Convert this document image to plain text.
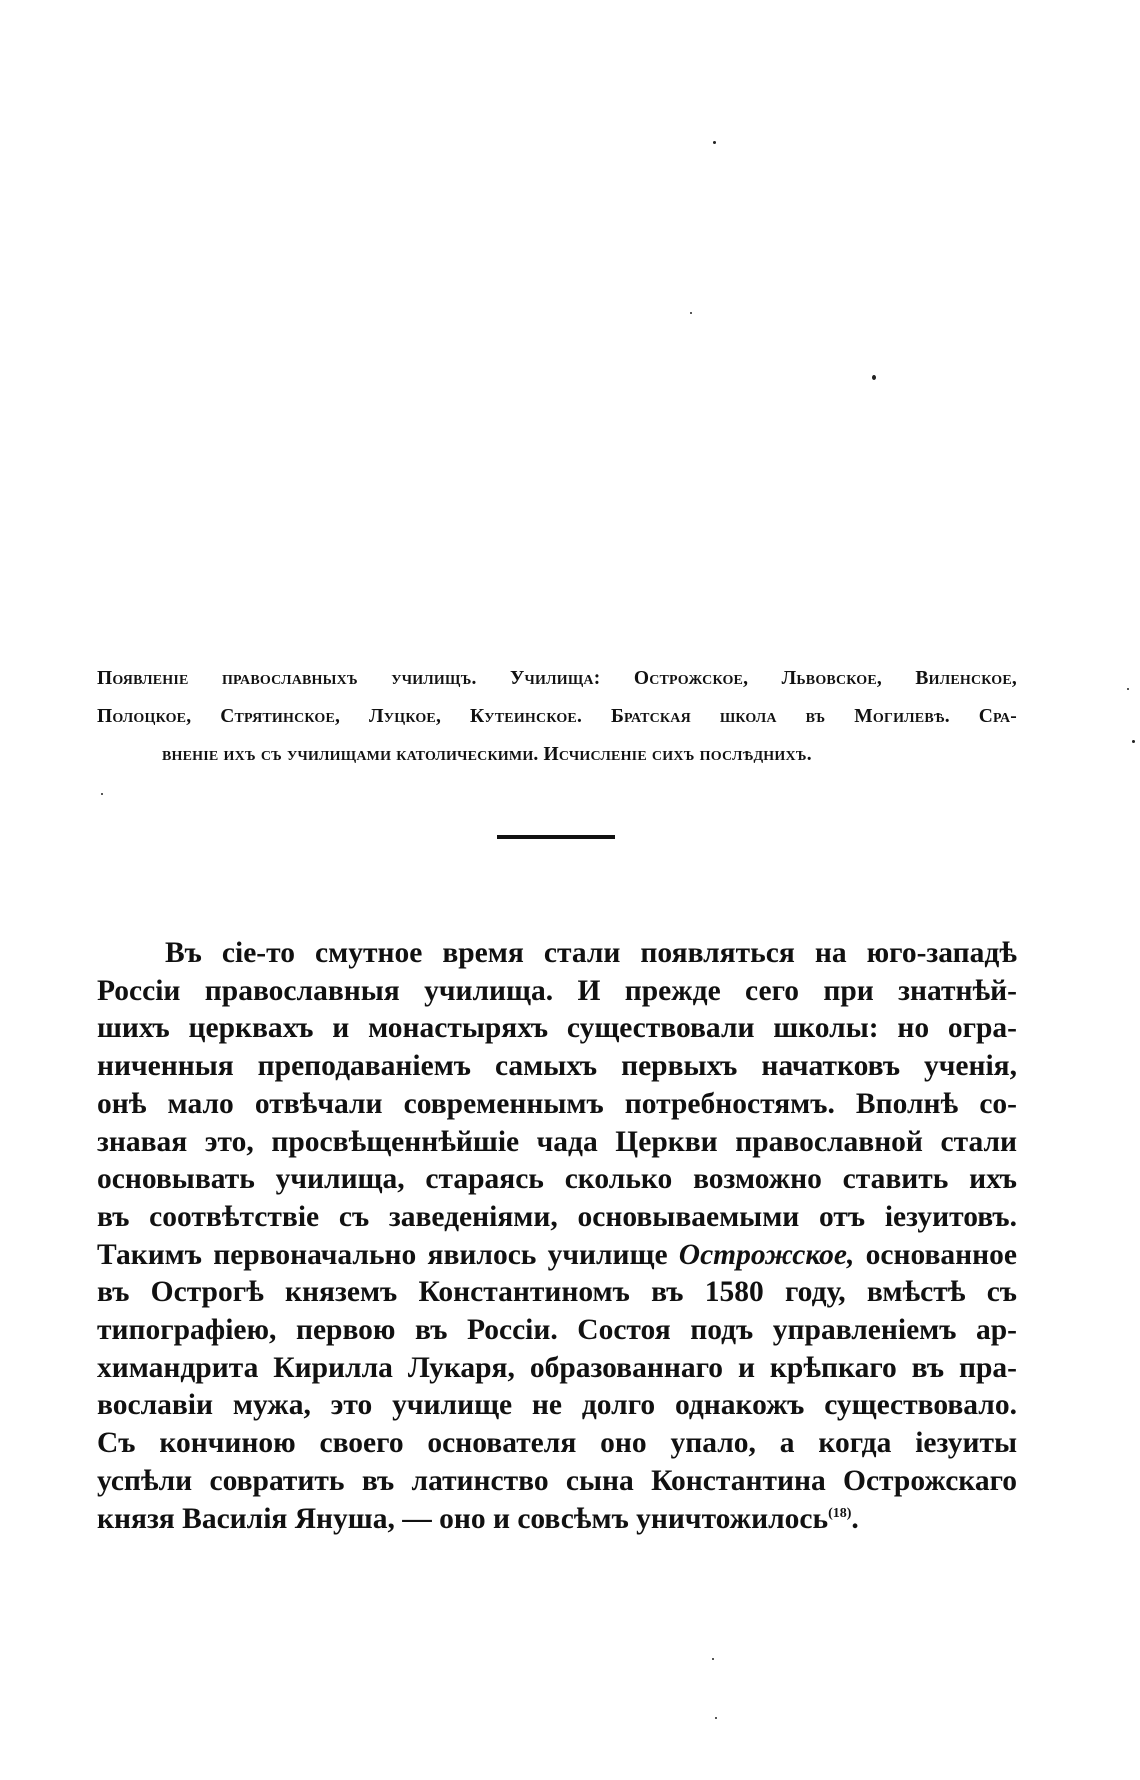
Появленіе православныхъ училищъ. Училища: Острожское, Львовское, Виленское,
Полоцкое, Стрятинское, Луцкое, Кутеинское. Братская школа въ Могилевѣ. Сра-
вненіе ихъ съ училищами католическими. Исчисленіе сихъ послѣднихъ.
Въ сіе-то смутное время стали появляться на юго-западѣ
Россіи православныя училища. И прежде сего при знатнѣй-
шихъ церквахъ и монастыряхъ существовали школы: но огра-
ниченныя преподаваніемъ самыхъ первыхъ начатковъ ученія,
онѣ мало отвѣчали современнымъ потребностямъ. Вполнѣ со-
знавая это, просвѣщеннѣйшіе чада Церкви православной стали
основывать училища, стараясь сколько возможно ставить ихъ
въ соотвѣтствіе съ заведеніями, основываемыми отъ іезуитовъ.
Такимъ первоначально явилось училище Острожское, основанное
въ Острогѣ княземъ Константиномъ въ 1580 году, вмѣстѣ съ
типографіею, первою въ Россіи. Состоя подъ управленіемъ ар-
химандрита Кирилла Лукаря, образованнаго и крѣпкаго въ пра-
вославіи мужа, это училище не долго однакожъ существовало.
Съ кончиною своего основателя оно упало, а когда іезуиты
успѣли совратить въ латинство сына Константина Острожскаго
князя Василія Януша, — оно и совсѣмъ уничтожилось$^{(18)}$.
